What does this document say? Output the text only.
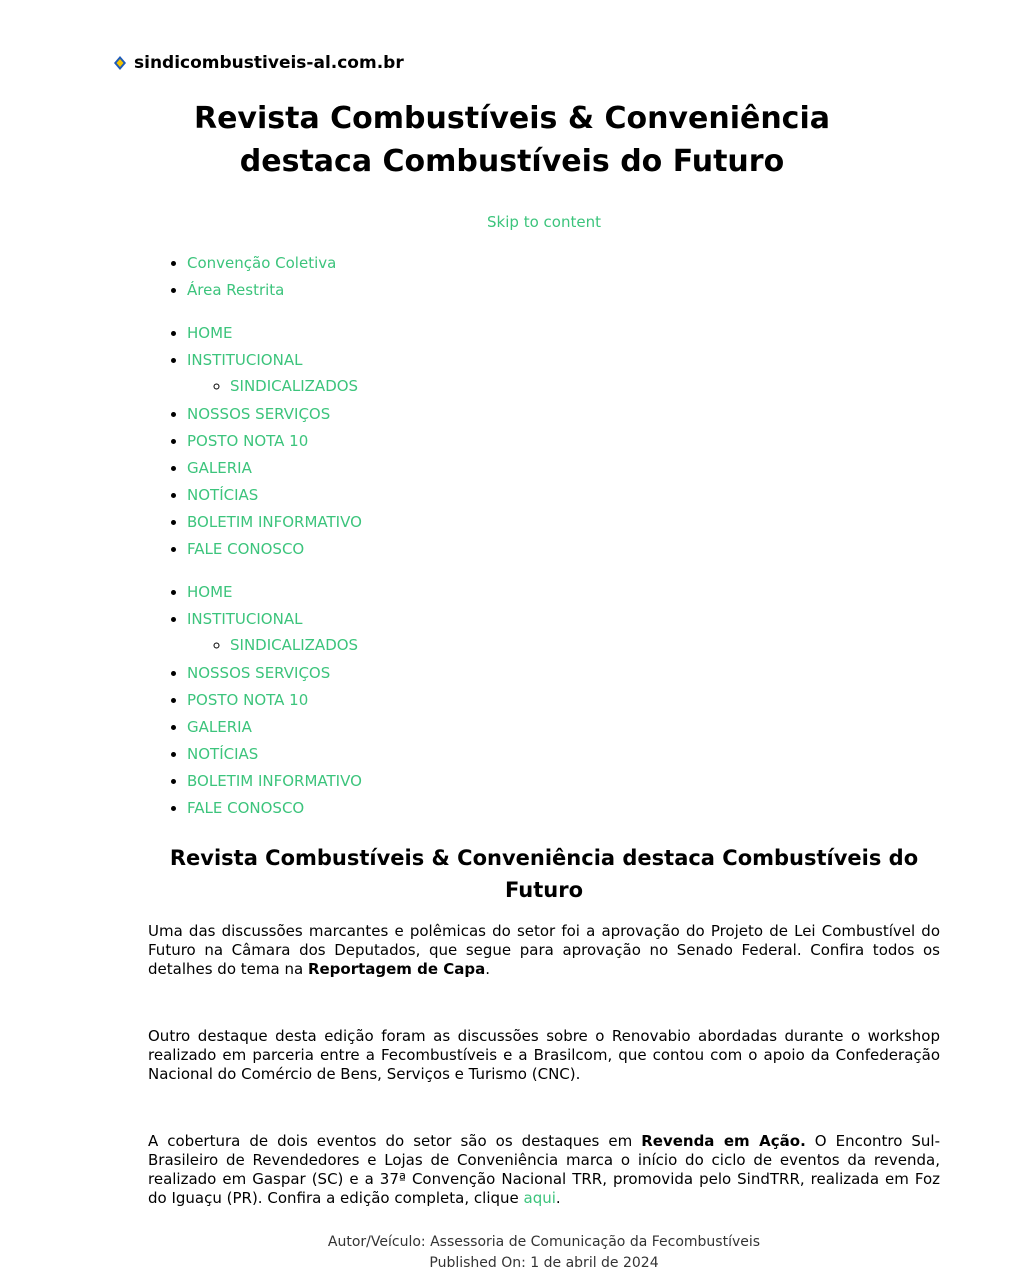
sindicombustiveis-al.com.br
Revista Combustíveis & Conveniência destaca Combustíveis do Futuro
Skip to content
• Convenção Coletiva
• Área Restrita
• HOME
• INSTITUCIONAL
◦ SINDICALIZADOS
• NOSSOS SERVIÇOS
• POSTO NOTA 10
• GALERIA
• NOTÍCIAS
• BOLETIM INFORMATIVO
• FALE CONOSCO
• HOME
• INSTITUCIONAL
◦ SINDICALIZADOS
• NOSSOS SERVIÇOS
• POSTO NOTA 10
• GALERIA
• NOTÍCIAS
• BOLETIM INFORMATIVO
• FALE CONOSCO
Revista Combustíveis & Conveniência destaca Combustíveis do Futuro

Uma das discussões marcantes e polêmicas do setor foi a aprovação do Projeto de Lei Combustível do Futuro na Câmara dos Deputados, que segue para aprovação no Senado Federal. Confira todos os detalhes do tema na Reportagem de Capa.

Outro destaque desta edição foram as discussões sobre o Renovabio abordadas durante o workshop realizado em parceria entre a Fecombustíveis e a Brasilcom, que contou com o apoio da Confederação Nacional do Comércio de Bens, Serviços e Turismo (CNC).

A cobertura de dois eventos do setor são os destaques em Revenda em Ação. O Encontro Sul-Brasileiro de Revendedores e Lojas de Conveniência marca o início do ciclo de eventos da revenda, realizado em Gaspar (SC) e a 37ª Convenção Nacional TRR, promovida pelo SindTRR, realizada em Foz do Iguaçu (PR). Confira a edição completa, clique aqui.

Autor/Veículo: Assessoria de Comunicação da Fecombustíveis
Published On: 1 de abril de 2024
